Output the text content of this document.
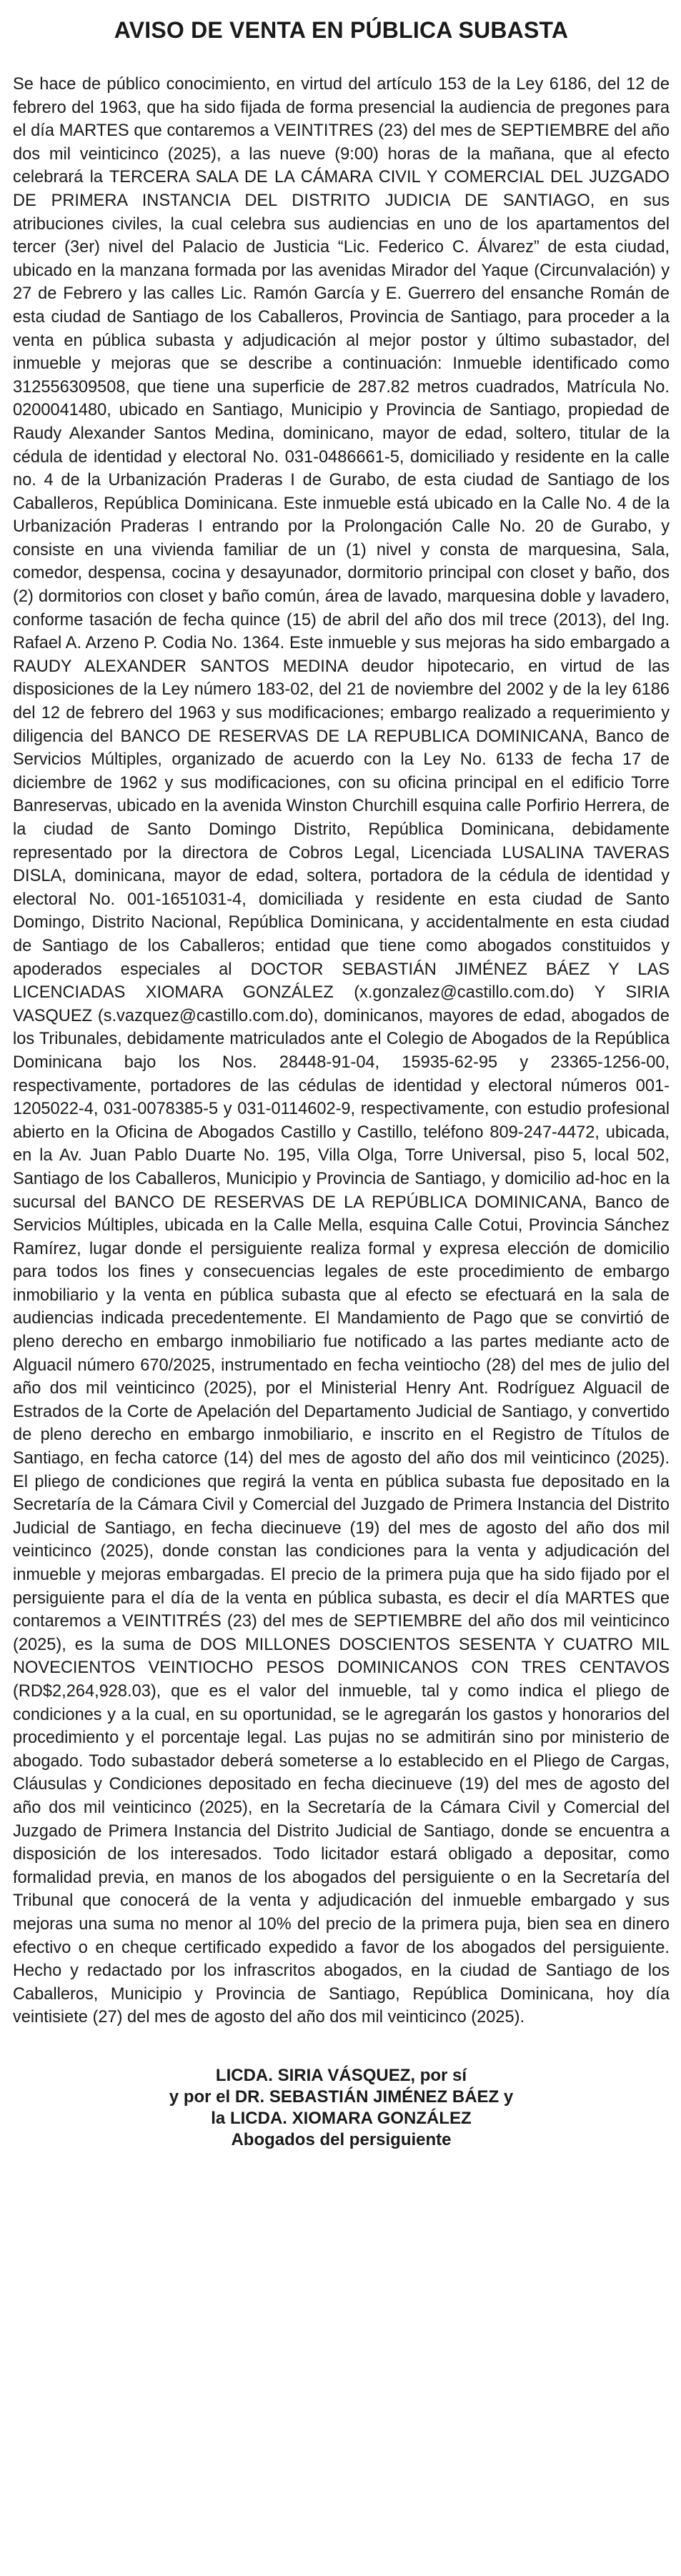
AVISO DE VENTA EN PÚBLICA SUBASTA

Se hace de público conocimiento, en virtud del artículo 153 de la Ley 6186, del 12 de febrero del 1963, que ha sido fijada de forma presencial la audiencia de pregones para el día MARTES que contaremos a VEINTITRES (23) del mes de SEPTIEMBRE del año dos mil veinticinco (2025), a las nueve (9:00) horas de la mañana, que al efecto celebrará la TERCERA SALA DE LA CÁMARA CIVIL Y COMERCIAL DEL JUZGADO DE PRIMERA INSTANCIA DEL DISTRITO JUDICIA DE SANTIAGO, en sus atribuciones civiles, la cual celebra sus audiencias en uno de los apartamentos del tercer (3er) nivel del Palacio de Justicia “Lic. Federico C. Álvarez” de esta ciudad, ubicado en la manzana formada por las avenidas Mirador del Yaque (Circunvalación) y 27 de Febrero y las calles Lic. Ramón García y E. Guerrero del ensanche Román de esta ciudad de Santiago de los Caballeros, Provincia de Santiago, para proceder a la venta en pública subasta y adjudicación al mejor postor y último subastador, del inmueble y mejoras que se describe a continuación: Inmueble identificado como 312556309508, que tiene una superficie de 287.82 metros cuadrados, Matrícula No. 0200041480, ubicado en Santiago, Municipio y Provincia de Santiago, propiedad de Raudy Alexander Santos Medina, dominicano, mayor de edad, soltero, titular de la cédula de identidad y electoral No. 031-0486661-5, domiciliado y residente en la calle no. 4 de la Urbanización Praderas I de Gurabo, de esta ciudad de Santiago de los Caballeros, República Dominicana. Este inmueble está ubicado en la Calle No. 4 de la Urbanización Praderas I entrando por la Prolongación Calle No. 20 de Gurabo, y consiste en una vivienda familiar de un (1) nivel y consta de marquesina, Sala, comedor, despensa, cocina y desayunador, dormitorio principal con closet y baño, dos (2) dormitorios con closet y baño común, área de lavado, marquesina doble y lavadero, conforme tasación de fecha quince (15) de abril del año dos mil trece (2013), del Ing. Rafael A. Arzeno P. Codia No. 1364. Este inmueble y sus mejoras ha sido embargado a RAUDY ALEXANDER SANTOS MEDINA deudor hipotecario, en virtud de las disposiciones de la Ley número 183-02, del 21 de noviembre del 2002 y de la ley 6186 del 12 de febrero del 1963 y sus modificaciones; embargo realizado a requerimiento y diligencia del BANCO DE RESERVAS DE LA REPUBLICA DOMINICANA, Banco de Servicios Múltiples, organizado de acuerdo con la Ley No. 6133 de fecha 17 de diciembre de 1962 y sus modificaciones, con su oficina principal en el edificio Torre Banreservas, ubicado en la avenida Winston Churchill esquina calle Porfirio Herrera, de la ciudad de Santo Domingo Distrito, República Dominicana, debidamente representado por la directora de Cobros Legal, Licenciada LUSALINA TAVERAS DISLA, dominicana, mayor de edad, soltera, portadora de la cédula de identidad y electoral No. 001-1651031-4, domiciliada y residente en esta ciudad de Santo Domingo, Distrito Nacional, República Dominicana, y accidentalmente en esta ciudad de Santiago de los Caballeros; entidad que tiene como abogados constituidos y apoderados especiales al DOCTOR SEBASTIÁN JIMÉNEZ BÁEZ Y LAS LICENCIADAS XIOMARA GONZÁLEZ (x.gonzalez@castillo.com.do) Y SIRIA VASQUEZ (s.vazquez@castillo.com.do), dominicanos, mayores de edad, abogados de los Tribunales, debidamente matriculados ante el Colegio de Abogados de la República Dominicana bajo los Nos. 28448-91-04, 15935-62-95 y 23365-1256-00, respectivamente, portadores de las cédulas de identidad y electoral números 001-1205022-4, 031-0078385-5 y 031-0114602-9, respectivamente, con estudio profesional abierto en la Oficina de Abogados Castillo y Castillo, teléfono 809-247-4472, ubicada, en la Av. Juan Pablo Duarte No. 195, Villa Olga, Torre Universal, piso 5, local 502, Santiago de los Caballeros, Municipio y Provincia de Santiago, y domicilio ad-hoc en la sucursal del BANCO DE RESERVAS DE LA REPÚBLICA DOMINICANA, Banco de Servicios Múltiples, ubicada en la Calle Mella, esquina Calle Cotui, Provincia Sánchez Ramírez, lugar donde el persiguiente realiza formal y expresa elección de domicilio para todos los fines y consecuencias legales de este procedimiento de embargo inmobiliario y la venta en pública subasta que al efecto se efectuará en la sala de audiencias indicada precedentemente. El Mandamiento de Pago que se convirtió de pleno derecho en embargo inmobiliario fue notificado a las partes mediante acto de Alguacil número 670/2025, instrumentado en fecha veintiocho (28) del mes de julio del año dos mil veinticinco (2025), por el Ministerial Henry Ant. Rodríguez Alguacil de Estrados de la Corte de Apelación del Departamento Judicial de Santiago, y convertido de pleno derecho en embargo inmobiliario, e inscrito en el Registro de Títulos de Santiago, en fecha catorce (14) del mes de agosto del año dos mil veinticinco (2025). El pliego de condiciones que regirá la venta en pública subasta fue depositado en la Secretaría de la Cámara Civil y Comercial del Juzgado de Primera Instancia del Distrito Judicial de Santiago, en fecha diecinueve (19) del mes de agosto del año dos mil veinticinco (2025), donde constan las condiciones para la venta y adjudicación del inmueble y mejoras embargadas. El precio de la primera puja que ha sido fijado por el persiguiente para el día de la venta en pública subasta, es decir el día MARTES que contaremos a VEINTITRÉS (23) del mes de SEPTIEMBRE del año dos mil veinticinco (2025), es la suma de DOS MILLONES DOSCIENTOS SESENTA Y CUATRO MIL NOVECIENTOS VEINTIOCHO PESOS DOMINICANOS CON TRES CENTAVOS (RD$2,264,928.03), que es el valor del inmueble, tal y como indica el pliego de condiciones y a la cual, en su oportunidad, se le agregarán los gastos y honorarios del procedimiento y el porcentaje legal. Las pujas no se admitirán sino por ministerio de abogado. Todo subastador deberá someterse a lo establecido en el Pliego de Cargas, Cláusulas y Condiciones depositado en fecha diecinueve (19) del mes de agosto del año dos mil veinticinco (2025), en la Secretaría de la Cámara Civil y Comercial del Juzgado de Primera Instancia del Distrito Judicial de Santiago, donde se encuentra a disposición de los interesados. Todo licitador estará obligado a depositar, como formalidad previa, en manos de los abogados del persiguiente o en la Secretaría del Tribunal que conocerá de la venta y adjudicación del inmueble embargado y sus mejoras una suma no menor al 10% del precio de la primera puja, bien sea en dinero efectivo o en cheque certificado expedido a favor de los abogados del persiguiente. Hecho y redactado por los infrascritos abogados, en la ciudad de Santiago de los Caballeros, Municipio y Provincia de Santiago, República Dominicana, hoy día veintisiete (27) del mes de agosto del año dos mil veinticinco (2025).

LICDA. SIRIA VÁSQUEZ, por sí
y por el DR. SEBASTIÁN JIMÉNEZ BÁEZ y
la LICDA. XIOMARA GONZÁLEZ
Abogados del persiguiente
